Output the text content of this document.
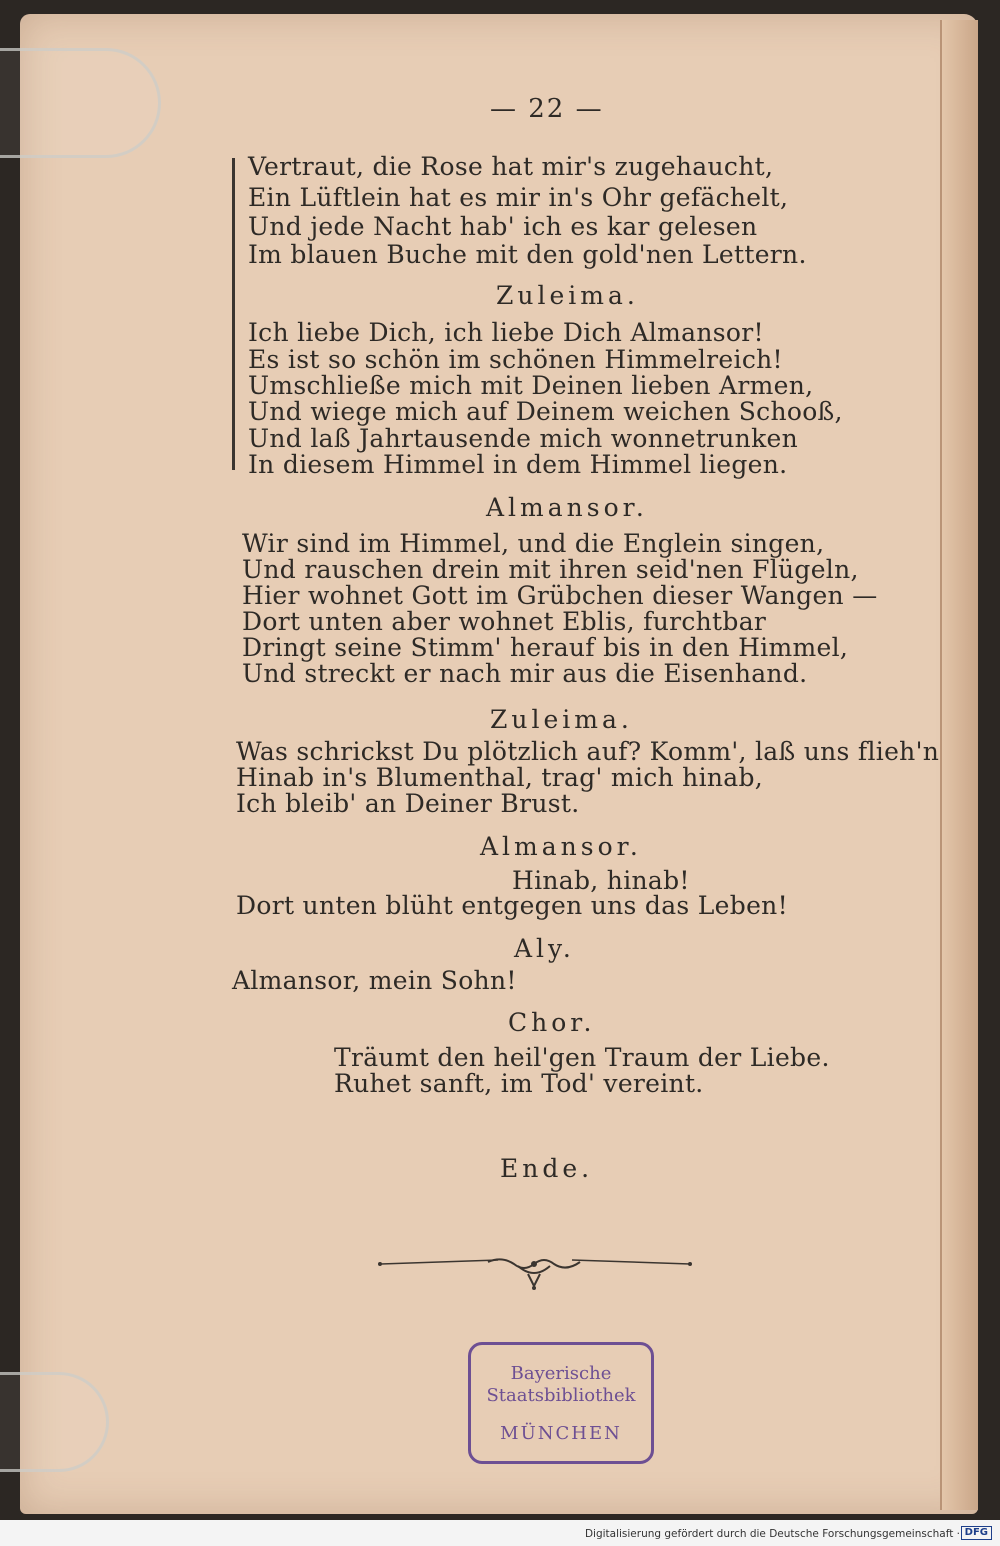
— 22 —
Vertraut, die Rose hat mir's zugehaucht,
Ein Lüftlein hat es mir in's Ohr gefächelt,
Und jede Nacht hab' ich es kar gelesen
Im blauen Buche mit den gold'nen Lettern.
Zuleima.
Ich liebe Dich, ich liebe Dich Almansor!
Es ist so schön im schönen Himmelreich!
Umschließe mich mit Deinen lieben Armen,
Und wiege mich auf Deinem weichen Schooß,
Und laß Jahrtausende mich wonnetrunken
In diesem Himmel in dem Himmel liegen.
Almansor.
Wir sind im Himmel, und die Englein singen,
Und rauschen drein mit ihren seid'nen Flügeln,
Hier wohnet Gott im Grübchen dieser Wangen —
Dort unten aber wohnet Eblis, furchtbar
Dringt seine Stimm' herauf bis in den Himmel,
Und streckt er nach mir aus die Eisenhand.
Zuleima.
Was schrickst Du plötzlich auf? Komm', laß uns flieh'n
Hinab in's Blumenthal, trag' mich hinab,
Ich bleib' an Deiner Brust.
Almansor.
Hinab, hinab!
Dort unten blüht entgegen uns das Leben!
Aly.
Almansor, mein Sohn!
Chor.
Träumt den heil'gen Traum der Liebe.
Ruhet sanft, im Tod' vereint.
Ende.
Bayerische
Staatsbibliothek
MÜNCHEN
Digitalisierung gefördert durch die Deutsche Forschungsgemeinschaft · DFG
